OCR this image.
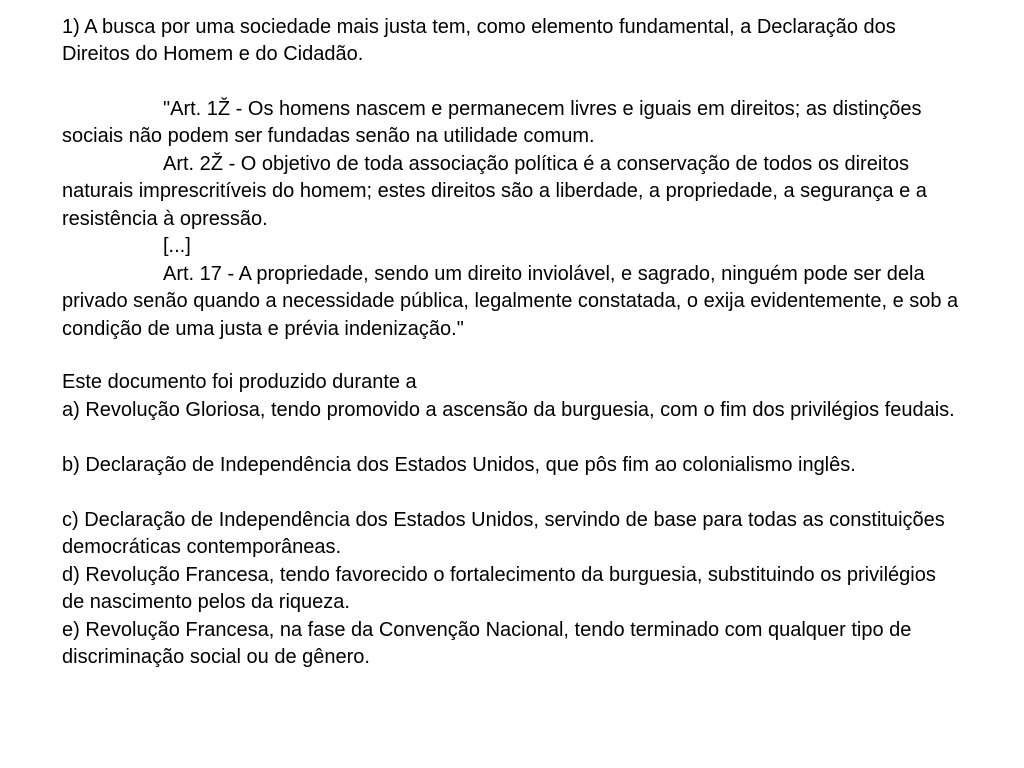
1) A busca por uma sociedade mais justa tem, como elemento fundamental, a Declaração dos Direitos do Homem e do Cidadão.

"Art. 1Ž - Os homens nascem e permanecem livres e iguais em direitos; as distinções sociais não podem ser fundadas senão na utilidade comum.

Art. 2Ž - O objetivo de toda associação política é a conservação de todos os direitos naturais imprescritíveis do homem; estes direitos são a liberdade, a propriedade, a segurança e a resistência à opressão.

[...]

Art. 17 - A propriedade, sendo um direito inviolável, e sagrado, ninguém pode ser dela privado senão quando a necessidade pública, legalmente constatada, o exija evidentemente, e sob a condição de uma justa e prévia indenização."

Este documento foi produzido durante a

a) Revolução Gloriosa, tendo promovido a ascensão da burguesia, com o fim dos privilégios feudais.

b) Declaração de Independência dos Estados Unidos, que pôs fim ao colonialismo inglês.

c) Declaração de Independência dos Estados Unidos, servindo de base para todas as constituições democráticas contemporâneas.

d) Revolução Francesa, tendo favorecido o fortalecimento da burguesia, substituindo os privilégios de nascimento pelos da riqueza.

e) Revolução Francesa, na fase da Convenção Nacional, tendo terminado com qualquer tipo de discriminação social ou de gênero.
